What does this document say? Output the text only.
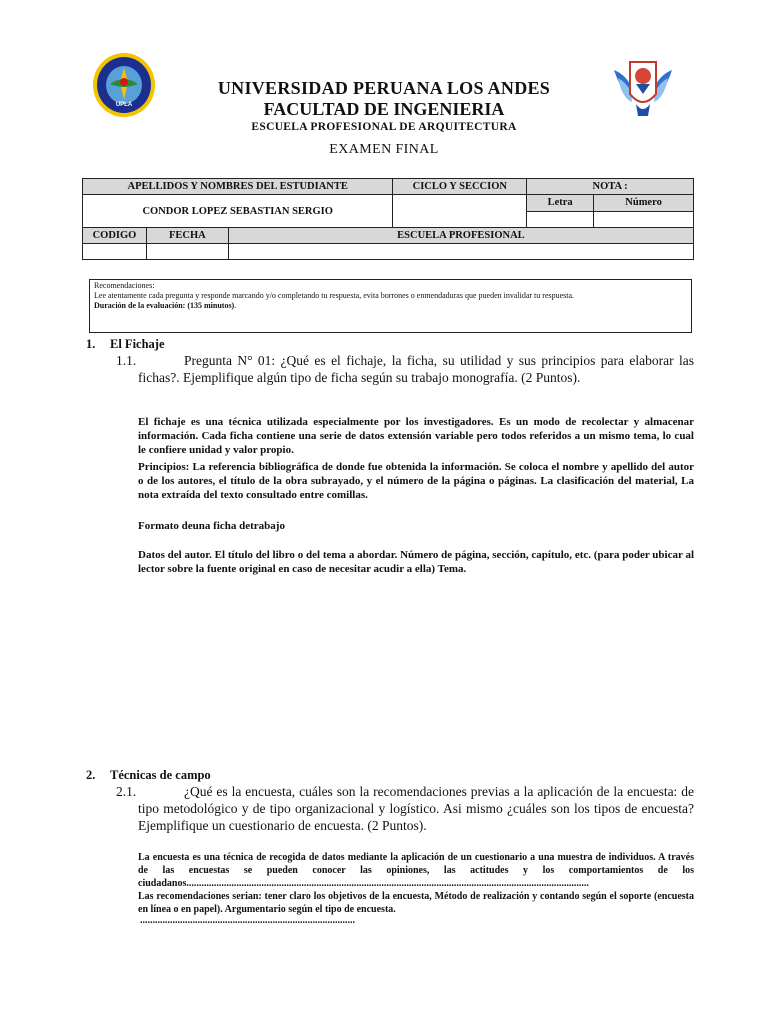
UPLA
UNIVERSIDAD PERUANA LOS ANDES
FACULTAD DE INGENIERIA
ESCUELA PROFESIONAL DE ARQUITECTURA
EXAMEN FINAL
APELLIDOS Y NOMBRES DEL ESTUDIANTE			CICLO Y SECCION	NOTA :	
CONDOR LOPEZ SEBASTIAN SERGIO				Letra	Número

CODIGO	FECHA	ESCUELA PROFESIONAL			

Recomendaciones:
Lee atentamente cada pregunta y responde marcando y/o completando tu respuesta, evita borrones o enmendaduras que pueden invalidar tu respuesta.
Duración de la evaluación: (135 minutos).
1. El Fichaje
1.1.	Pregunta N° 01: ¿Qué es el fichaje, la ficha, su utilidad y sus principios para elaborar las fichas?. Ejemplifique algún tipo de ficha según su trabajo monografía. (2 Puntos).
El fichaje es una técnica utilizada especialmente por los investigadores. Es un modo de recolectar y almacenar información. Cada ficha contiene una serie de datos extensión variable pero todos referidos a un mismo tema, lo cual le confiere unidad y valor propio.
Principios: La referencia bibliográfica de donde fue obtenida la información. Se coloca el nombre y apellido del autor o de los autores, el título de la obra subrayado, y el número de la página o páginas. La clasificación del material, La nota extraída del texto consultado entre comillas.
Formato deuna ficha detrabajo
Datos del autor. El título del libro o del tema a abordar. Número de página, sección, capítulo, etc. (para poder ubicar al lector sobre la fuente original en caso de necesitar acudir a ella) Tema.
2. Técnicas de campo
2.1.	¿Qué es la encuesta, cuáles son la recomendaciones previas a la aplicación de la encuesta: de tipo metodológico y de tipo organizacional y logístico. Asi mismo ¿cuáles son los tipos de encuesta? Ejemplifique un cuestionario de encuesta. (2 Puntos).
La encuesta es una técnica de recogida de datos mediante la aplicación de un cuestionario a una muestra de individuos. A través de las encuestas se pueden conocer las opiniones, las actitudes y los comportamientos de los ciudadanos.................................................................................................................................................................
Las recomendaciones serian: tener claro los objetivos de la encuesta, Método de realización y contando según el soporte (encuesta en línea o en papel). Argumentario según el tipo de encuesta.
......................................................................................
